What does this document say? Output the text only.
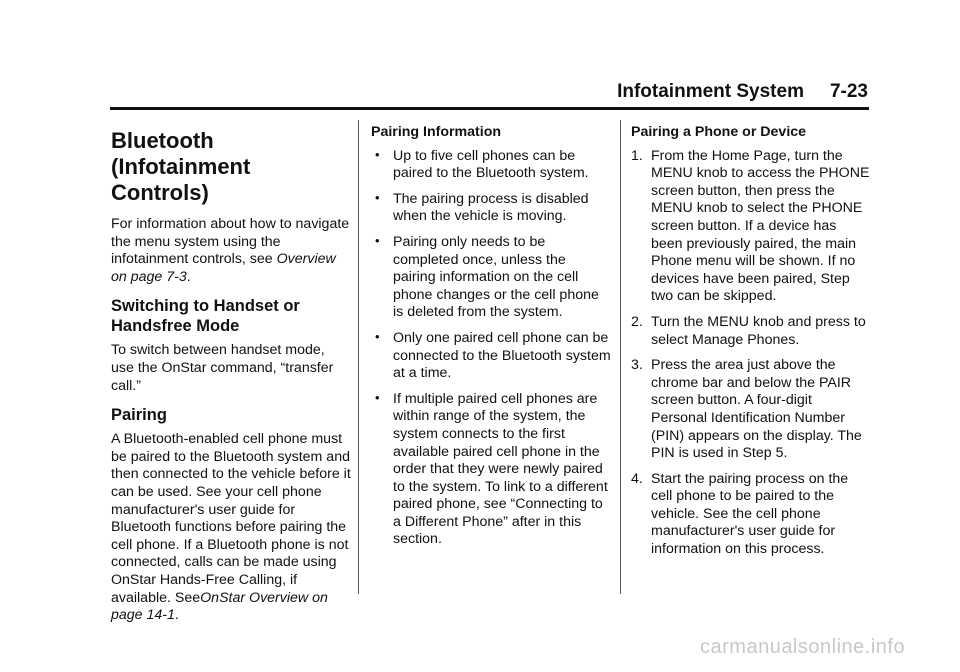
Infotainment System 7-23
Bluetooth (Infotainment
Controls)

For information about how to navigate the menu system using the infotainment controls, see Overview on page 7-3.

Switching to Handset or
Handsfree Mode

To switch between handset mode, use the OnStar command, “transfer call.”

Pairing

A Bluetooth-enabled cell phone must be paired to the Bluetooth system and then connected to the vehicle before it can be used. See your cell phone manufacturer's user guide for Bluetooth functions before pairing the cell phone. If a Bluetooth phone is not connected, calls can be made using OnStar Hands-Free Calling, if available. SeeOnStar Overview on page 14-1.

Pairing Information
• Up to five cell phones can be paired to the Bluetooth system.
• The pairing process is disabled when the vehicle is moving.
• Pairing only needs to be completed once, unless the pairing information on the cell phone changes or the cell phone is deleted from the system.
• Only one paired cell phone can be connected to the Bluetooth system at a time.
• If multiple paired cell phones are within range of the system, the system connects to the first available paired cell phone in the order that they were newly paired to the system. To link to a different paired phone, see “Connecting to a Different Phone” after in this section.
Pairing a Phone or Device
1. From the Home Page, turn the MENU knob to access the PHONE screen button, then press the MENU knob to select the PHONE screen button. If a device has been previously paired, the main Phone menu will be shown. If no devices have been paired, Step two can be skipped.
2. Turn the MENU knob and press to select Manage Phones.
3. Press the area just above the chrome bar and below the PAIR screen button. A four-digit Personal Identification Number (PIN) appears on the display. The PIN is used in Step 5.
4. Start the pairing process on the cell phone to be paired to the vehicle. See the cell phone manufacturer's user guide for information on this process.
carmanualsonline.info
